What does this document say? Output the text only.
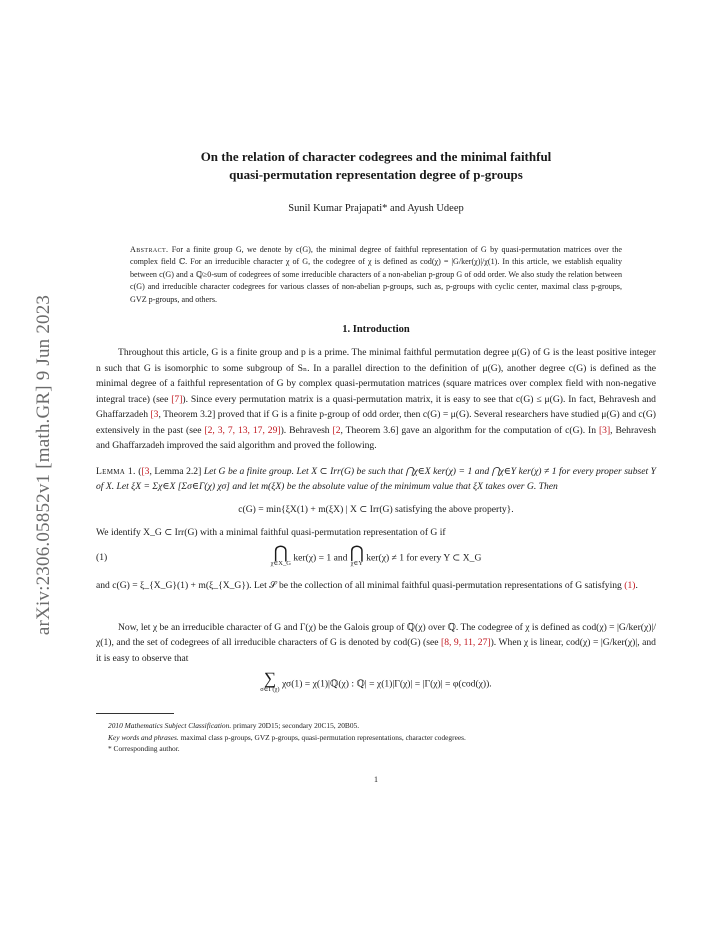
arXiv:2306.05852v1 [math.GR] 9 Jun 2023

On the relation of character codegrees and the minimal faithful
quasi-permutation representation degree of p-groups

Sunil Kumar Prajapati* and Ayush Udeep
Abstract. For a finite group G, we denote by c(G), the minimal degree of faithful representation of G by quasi-permutation matrices over the complex field ℂ. For an irreducible character χ of G, the codegree of χ is defined as cod(χ) = |G/ker(χ)|/χ(1). In this article, we establish equality between c(G) and a ℚ≥0-sum of codegrees of some irreducible characters of a non-abelian p-group G of odd order. We also study the relation between c(G) and irreducible character codegrees for various classes of non-abelian p-groups, such as, p-groups with cyclic center, maximal class p-groups, GVZ p-groups, and others.
1. Introduction

Throughout this article, G is a finite group and p is a prime. The minimal faithful permutation degree μ(G) of G is the least positive integer n such that G is isomorphic to some subgroup of Sₙ. In a parallel direction to the definition of μ(G), another degree c(G) is defined as the minimal degree of a faithful representation of G by complex quasi-permutation matrices (square matrices over complex field with non-negative integral trace) (see [7]). Since every permutation matrix is a quasi-permutation matrix, it is easy to see that c(G) ≤ μ(G). In fact, Behravesh and Ghaffarzadeh [3, Theorem 3.2] proved that if G is a finite p-group of odd order, then c(G) = μ(G). Several researchers have studied μ(G) and c(G) extensively in the past (see [2, 3, 7, 13, 17, 29]). Behravesh [2, Theorem 3.6] gave an algorithm for the computation of c(G). In [3], Behravesh and Ghaffarzadeh improved the said algorithm and proved the following.

Lemma 1. ([3, Lemma 2.2] Let G be a finite group. Let X ⊂ Irr(G) be such that ⋂χ∈X ker(χ) = 1 and ⋂χ∈Y ker(χ) ≠ 1 for every proper subset Y of X. Let ξX = Σχ∈X [Σσ∈Γ(χ) χσ] and let m(ξX) be the absolute value of the minimum value that ξX takes over G. Then

c(G) = min{ξX(1) + m(ξX) | X ⊂ Irr(G) satisfying the above property}.

We identify X_G ⊂ Irr(G) with a minimal faithful quasi-permutation representation of G if

(1)	⋂
χ∈X_G ker(χ) = 1 and ⋂
χ∈Y ker(χ) ≠ 1 for every Y ⊂ X_G

and c(G) = ξ_{X_G}(1) + m(ξ_{X_G}). Let 𝒮 be the collection of all minimal faithful quasi-permutation representations of G satisfying (1).

Now, let χ be an irreducible character of G and Γ(χ) be the Galois group of ℚ(χ) over ℚ. The codegree of χ is defined as cod(χ) = |G/ker(χ)|/χ(1), and the set of codegrees of all irreducible characters of G is denoted by cod(G) (see [8, 9, 11, 27]). When χ is linear, cod(χ) = |G/ker(χ)|, and it is easy to observe that

∑
σ∈Γ(χ) χσ(1) = χ(1)|ℚ(χ) : ℚ| = χ(1)|Γ(χ)| = |Γ(χ)| = φ(cod(χ)).
2010 Mathematics Subject Classification. primary 20D15; secondary 20C15, 20B05.
Key words and phrases. maximal class p-groups, GVZ p-groups, quasi-permutation representations, character codegrees.
* Corresponding author.
1
